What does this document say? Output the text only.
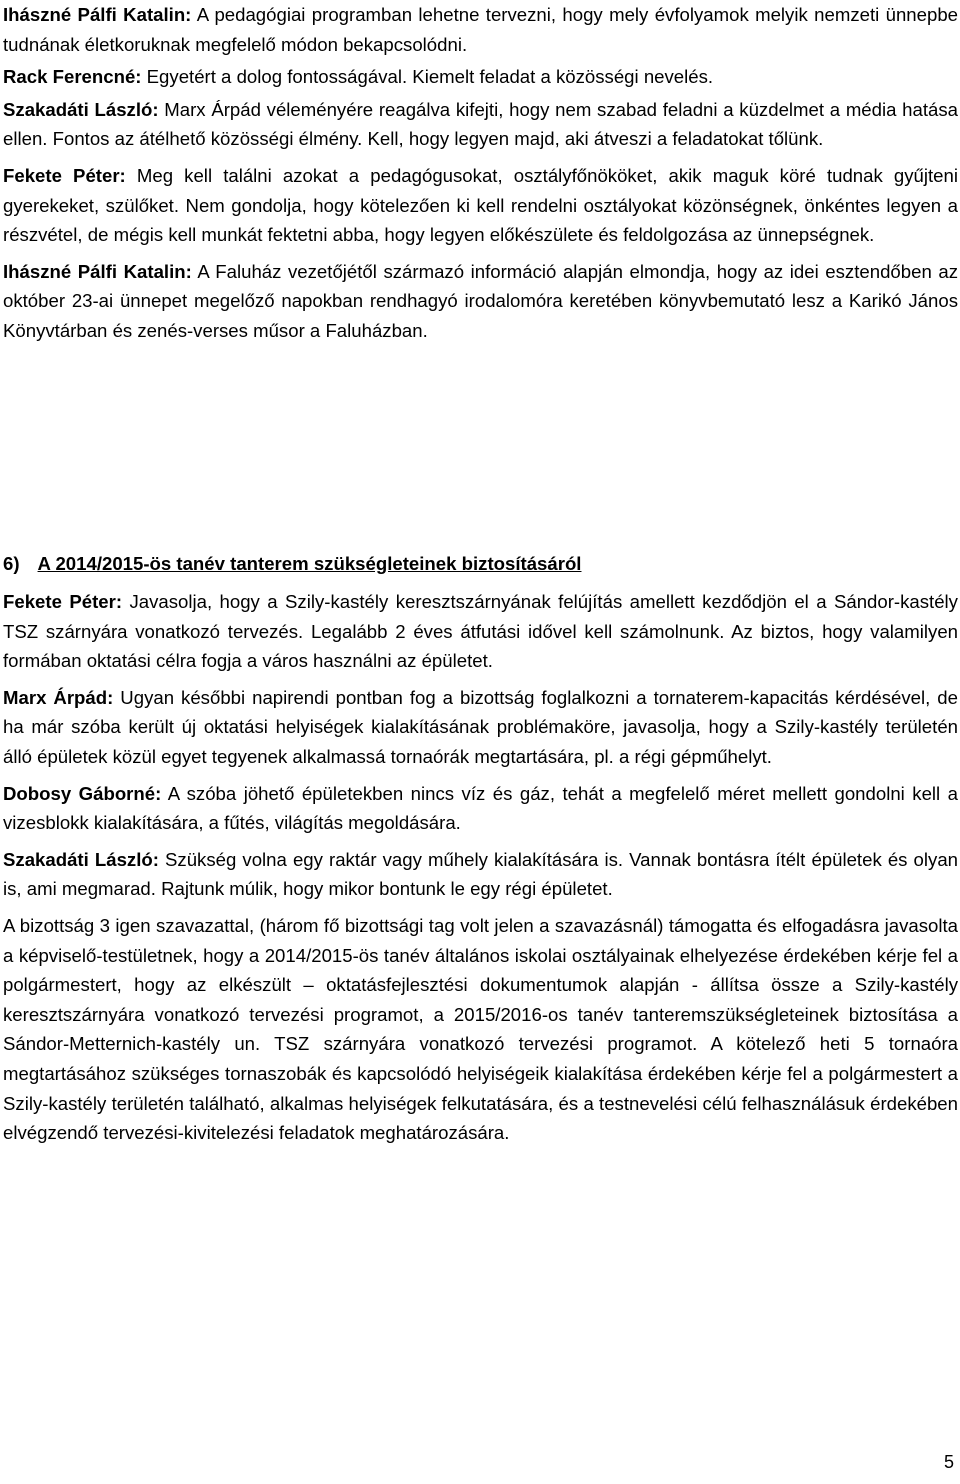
Ihászné Pálfi Katalin: A pedagógiai programban lehetne tervezni, hogy mely évfolyamok melyik nemzeti ünnepbe tudnának életkoruknak megfelelő módon bekapcsolódni.

Rack Ferencné: Egyetért a dolog fontosságával. Kiemelt feladat a közösségi nevelés.

Szakadáti László: Marx Árpád véleményére reagálva kifejti, hogy nem szabad feladni a küzdelmet a média hatása ellen. Fontos az átélhető közösségi élmény. Kell, hogy legyen majd, aki átveszi a feladatokat tőlünk.

Fekete Péter: Meg kell találni azokat a pedagógusokat, osztályfőnököket, akik maguk köré tudnak gyűjteni gyerekeket, szülőket. Nem gondolja, hogy kötelezően ki kell rendelni osztályokat közönségnek, önkéntes legyen a részvétel, de mégis kell munkát fektetni abba, hogy legyen előkészülete és feldolgozása az ünnepségnek.

Ihászné Pálfi Katalin: A Faluház vezetőjétől származó információ alapján elmondja, hogy az idei esztendőben az október 23-ai ünnepet megelőző napokban rendhagyó irodalomóra keretében könyvbemutató lesz a Karikó János Könyvtárban és zenés-verses műsor a Faluházban.

6) A 2014/2015-ös tanév tanterem szükségleteinek biztosításáról

Fekete Péter: Javasolja, hogy a Szily-kastély keresztszárnyának felújítás amellett kezdődjön el a Sándor-kastély TSZ szárnyára vonatkozó tervezés. Legalább 2 éves átfutási idővel kell számolnunk. Az biztos, hogy valamilyen formában oktatási célra fogja a város használni az épületet.

Marx Árpád: Ugyan későbbi napirendi pontban fog a bizottság foglalkozni a tornaterem-kapacitás kérdésével, de ha már szóba került új oktatási helyiségek kialakításának problémaköre, javasolja, hogy a Szily-kastély területén álló épületek közül egyet tegyenek alkalmassá tornaórák megtartására, pl. a régi gépműhelyt.

Dobosy Gáborné: A szóba jöhető épületekben nincs víz és gáz, tehát a megfelelő méret mellett gondolni kell a vizesblokk kialakítására, a fűtés, világítás megoldására.

Szakadáti László: Szükség volna egy raktár vagy műhely kialakítására is. Vannak bontásra ítélt épületek és olyan is, ami megmarad. Rajtunk múlik, hogy mikor bontunk le egy régi épületet.

A bizottság 3 igen szavazattal, (három fő bizottsági tag volt jelen a szavazásnál) támogatta és elfogadásra javasolta a képviselő-testületnek, hogy a 2014/2015-ös tanév általános iskolai osztályainak elhelyezése érdekében kérje fel a polgármestert, hogy az elkészült – oktatásfejlesztési dokumentumok alapján - állítsa össze a Szily-kastély keresztszárnyára vonatkozó tervezési programot, a 2015/2016-os tanév tanteremszükségleteinek biztosítása a Sándor-Metternich-kastély un. TSZ szárnyára vonatkozó tervezési programot. A kötelező heti 5 tornaóra megtartásához szükséges tornaszobák és kapcsolódó helyiségeik kialakítása érdekében kérje fel a polgármestert a Szily-kastély területén található, alkalmas helyiségek felkutatására, és a testnevelési célú felhasználásuk érdekében elvégzendő tervezési-kivitelezési feladatok meghatározására.

5
